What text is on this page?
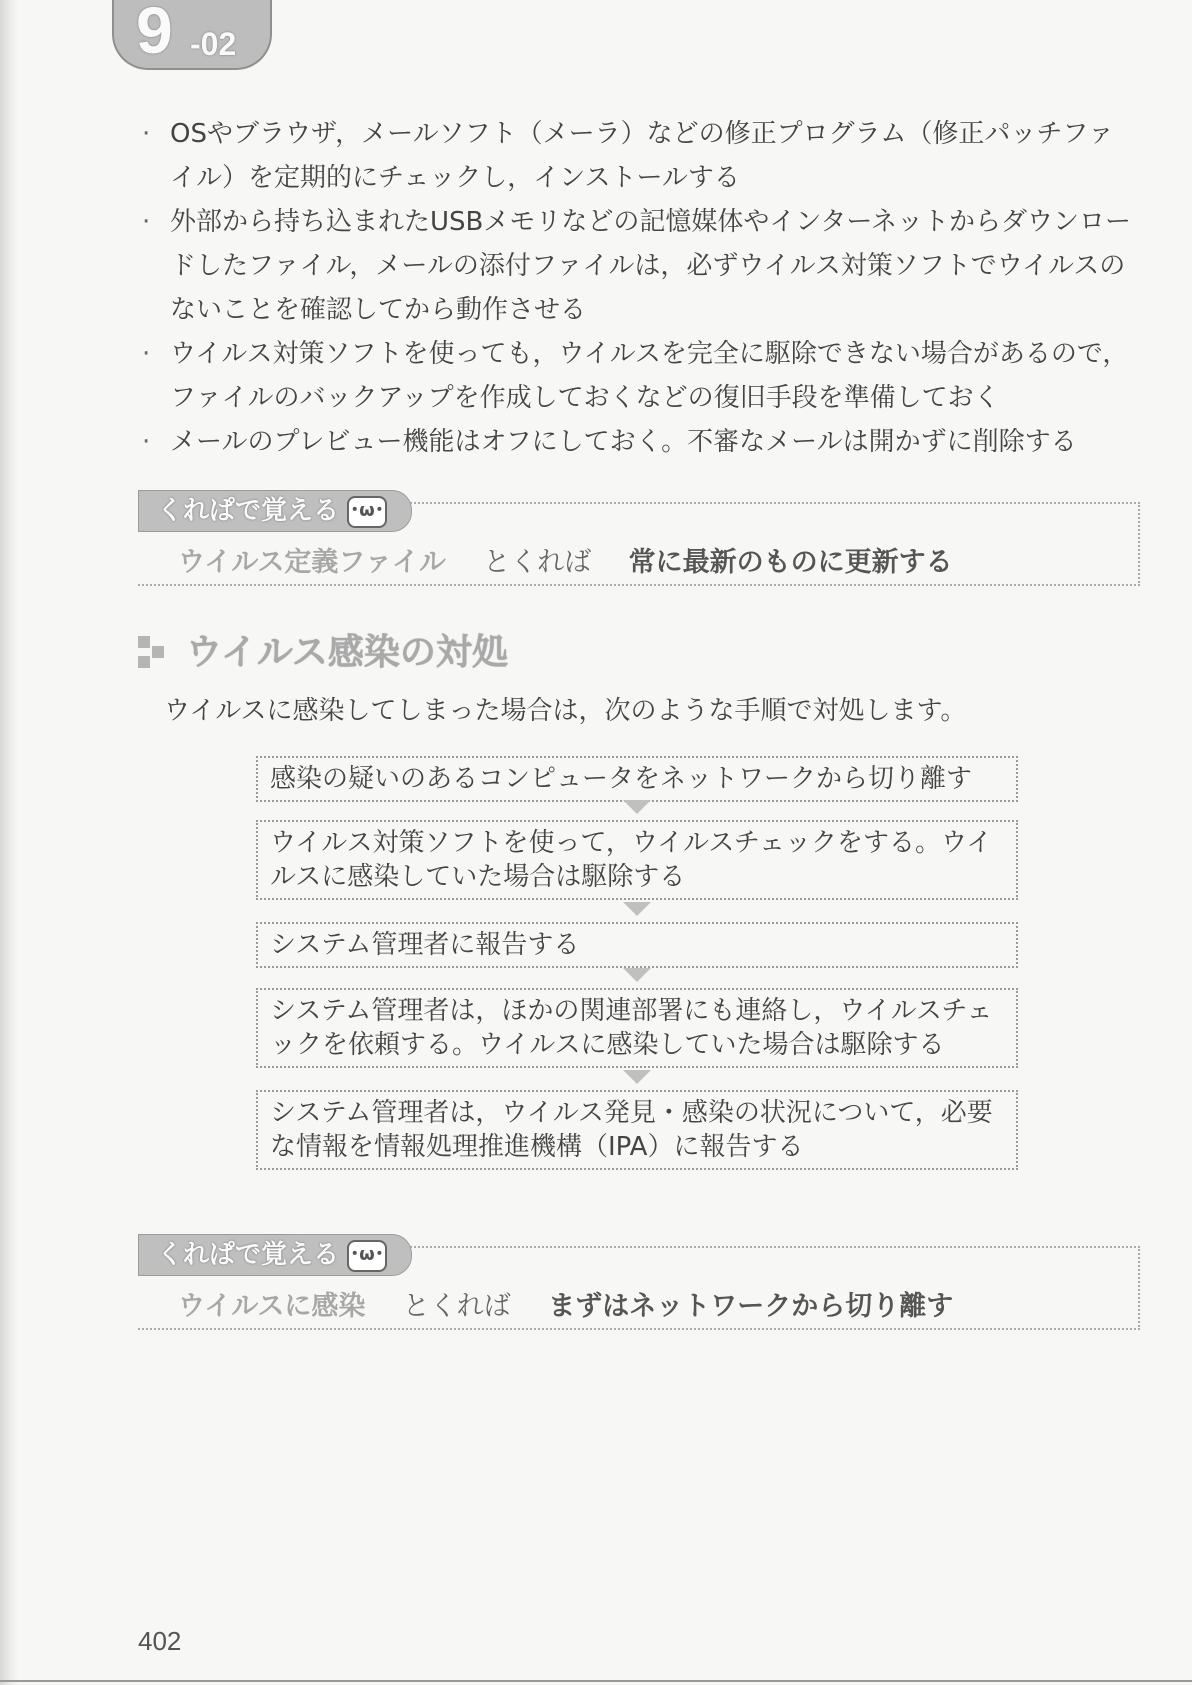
9 -02
· OSやブラウザ，メールソフト（メーラ）などの修正プログラム（修正パッチファイル）を定期的にチェックし，インストールする
· 外部から持ち込まれたUSBメモリなどの記憶媒体やインターネットからダウンロードしたファイル，メールの添付ファイルは，必ずウイルス対策ソフトでウイルスのないことを確認してから動作させる
· ウイルス対策ソフトを使っても，ウイルスを完全に駆除できない場合があるので，ファイルのバックアップを作成しておくなどの復旧手段を準備しておく
· メールのプレビュー機能はオフにしておく。不審なメールは開かずに削除する
くれぱで覚える ･ω･
ウイルス定義ファイル とくれば 常に最新のものに更新する
ウイルス感染の対処
ウイルスに感染してしまった場合は，次のような手順で対処します。
感染の疑いのあるコンピュータをネットワークから切り離す
ウイルス対策ソフトを使って，ウイルスチェックをする。ウイルスに感染していた場合は駆除する
システム管理者に報告する
システム管理者は，ほかの関連部署にも連絡し，ウイルスチェックを依頼する。ウイルスに感染していた場合は駆除する
システム管理者は，ウイルス発見・感染の状況について，必要な情報を情報処理推進機構（IPA）に報告する
くれぱで覚える ･ω･
ウイルスに感染 とくれば まずはネットワークから切り離す
402
